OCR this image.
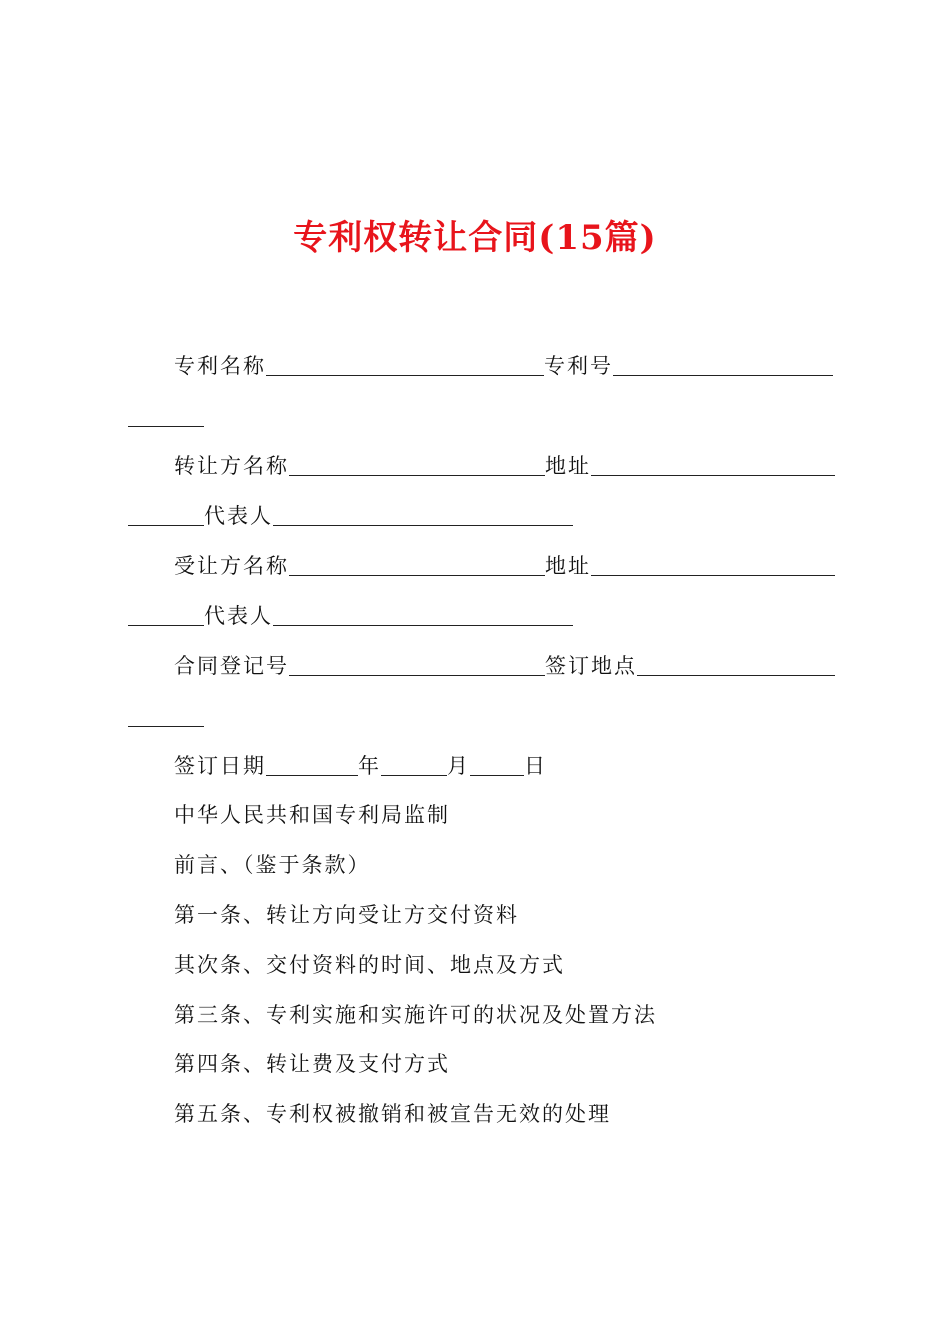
专利权转让合同(15篇)
专利名称	专利号
转让方名称	地址
代表人
受让方名称	地址
代表人
合同登记号	签订地点
签订日期	年	月	日
中华人民共和国专利局监制
前言、（鉴于条款）
第一条、转让方向受让方交付资料
其次条、交付资料的时间、地点及方式
第三条、专利实施和实施许可的状况及处置方法
第四条、转让费及支付方式
第五条、专利权被撤销和被宣告无效的处理
